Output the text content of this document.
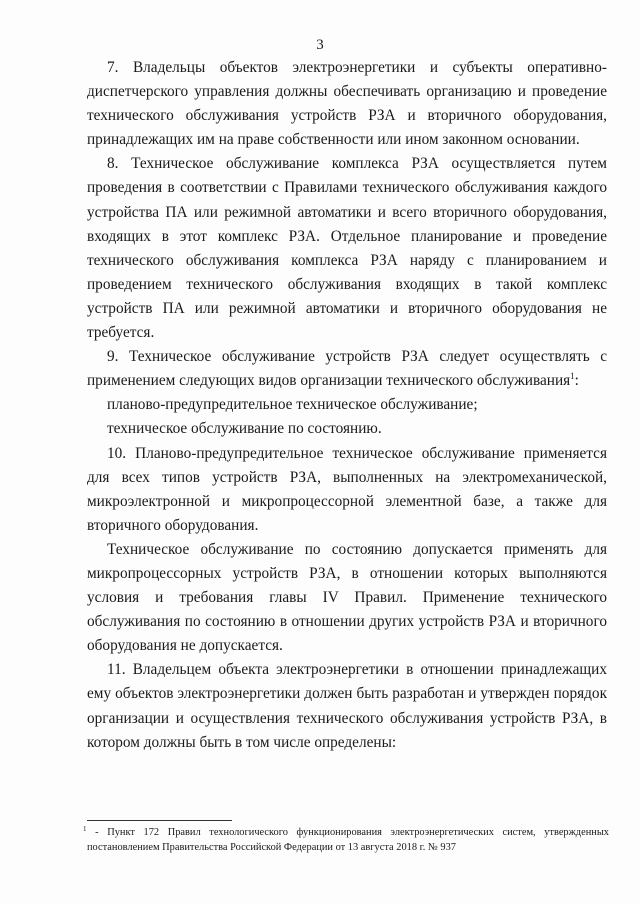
3

7. Владельцы объектов электроэнергетики и субъекты оперативно-диспетчерского управления должны обеспечивать организацию и проведение технического обслуживания устройств РЗА и вторичного оборудования, принадлежащих им на праве собственности или ином законном основании.

8. Техническое обслуживание комплекса РЗА осуществляется путем проведения в соответствии с Правилами технического обслуживания каждого устройства ПА или режимной автоматики и всего вторичного оборудования, входящих в этот комплекс РЗА. Отдельное планирование и проведение технического обслуживания комплекса РЗА наряду с планированием и проведением технического обслуживания входящих в такой комплекс устройств ПА или режимной автоматики и вторичного оборудования не требуется.

9. Техническое обслуживание устройств РЗА следует осуществлять с применением следующих видов организации технического обслуживания$^1$:

планово-предупредительное техническое обслуживание;

техническое обслуживание по состоянию.

10. Планово-предупредительное техническое обслуживание применяется для всех типов устройств РЗА, выполненных на электромеханической, микроэлектронной и микропроцессорной элементной базе, а также для вторичного оборудования.

Техническое обслуживание по состоянию допускается применять для микропроцессорных устройств РЗА, в отношении которых выполняются условия и требования главы IV Правил. Применение технического обслуживания по состоянию в отношении других устройств РЗА и вторичного оборудования не допускается.

11. Владельцем объекта электроэнергетики в отношении принадлежащих ему объектов электроэнергетики должен быть разработан и утвержден порядок организации и осуществления технического обслуживания устройств РЗА, в котором должны быть в том числе определены:

$^1$ - Пункт 172 Правил технологического функционирования электроэнергетических систем, утвержденных постановлением Правительства Российской Федерации от 13 августа 2018 г. № 937
